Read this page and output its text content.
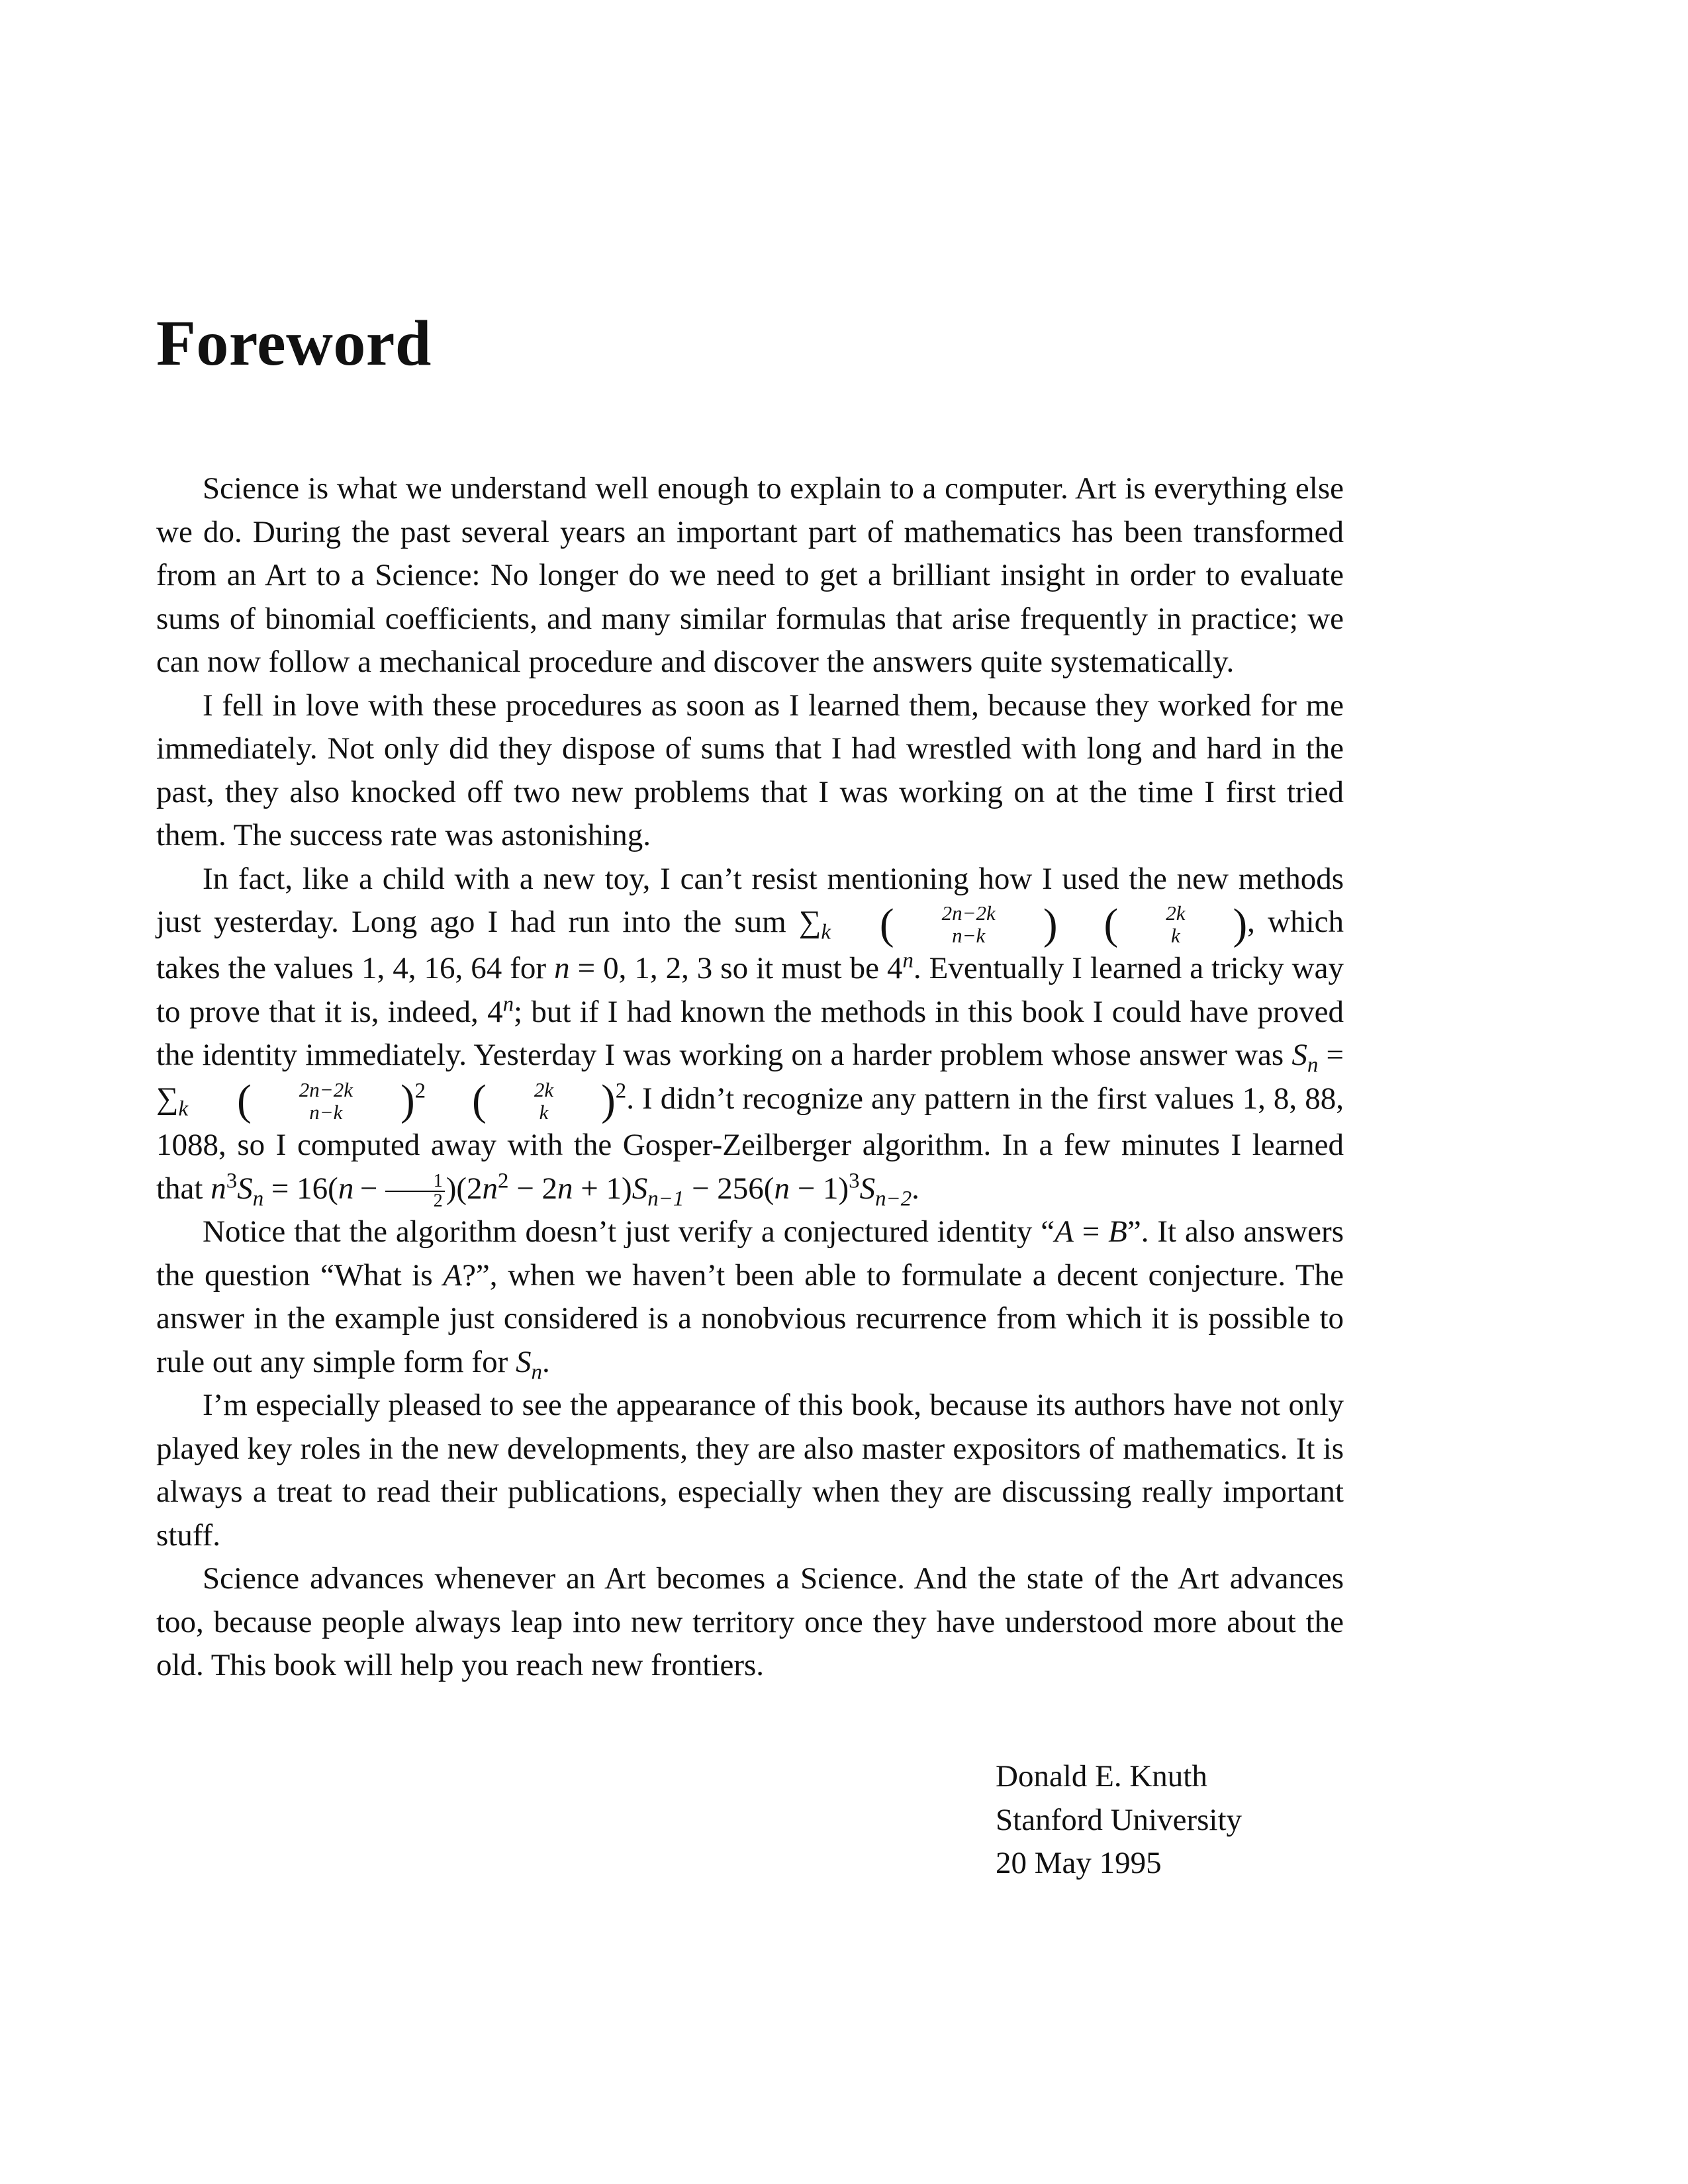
Foreword

Science is what we understand well enough to explain to a computer. Art is everything else we do. During the past several years an important part of mathematics has been transformed from an Art to a Science: No longer do we need to get a brilliant insight in order to evaluate sums of binomial coefficients, and many similar formulas that arise frequently in practice; we can now follow a mechanical procedure and discover the answers quite systematically.

I fell in love with these procedures as soon as I learned them, because they worked for me immediately. Not only did they dispose of sums that I had wrestled with long and hard in the past, they also knocked off two new problems that I was working on at the time I first tried them. The success rate was astonishing.

In fact, like a child with a new toy, I can’t resist mentioning how I used the new methods just yesterday. Long ago I had run into the sum $\sum_k$ 	(	2n−2k
n−k	)	(	2k
k	) , which takes the values 1, 4, 16, 64 for n = 0, 1, 2, 3 so it must be 4$^n$. Eventually I learned a tricky way to prove that it is, indeed, 4$^n$; but if I had known the methods in this book I could have proved the identity immediately. Yesterday I was working on a harder problem whose answer was $S_n = \sum_k$ 	(	2n−2k
n−k	) $^2$	(	2k
k	) $^2$. I didn’t recognize any pattern in the first values 1, 8, 88, 1088, so I computed away with the Gosper-Zeilberger algorithm. In a few minutes I learned that $n^3S_n = 16(n - \frac{1}{2} )(2n^2 - 2n + 1)S_{n-1} - 256(n - 1)^3S_{n-2}$.

Notice that the algorithm doesn’t just verify a conjectured identity “A = B”. It also answers the question “What is A?”, when we haven’t been able to formulate a decent conjecture. The answer in the example just considered is a nonobvious recurrence from which it is possible to rule out any simple form for $S_n$.

I’m especially pleased to see the appearance of this book, because its authors have not only played key roles in the new developments, they are also master expositors of mathematics. It is always a treat to read their publications, especially when they are discussing really important stuff.

Science advances whenever an Art becomes a Science. And the state of the Art advances too, because people always leap into new territory once they have understood more about the old. This book will help you reach new frontiers.

Donald E. Knuth
Stanford University
20 May 1995
